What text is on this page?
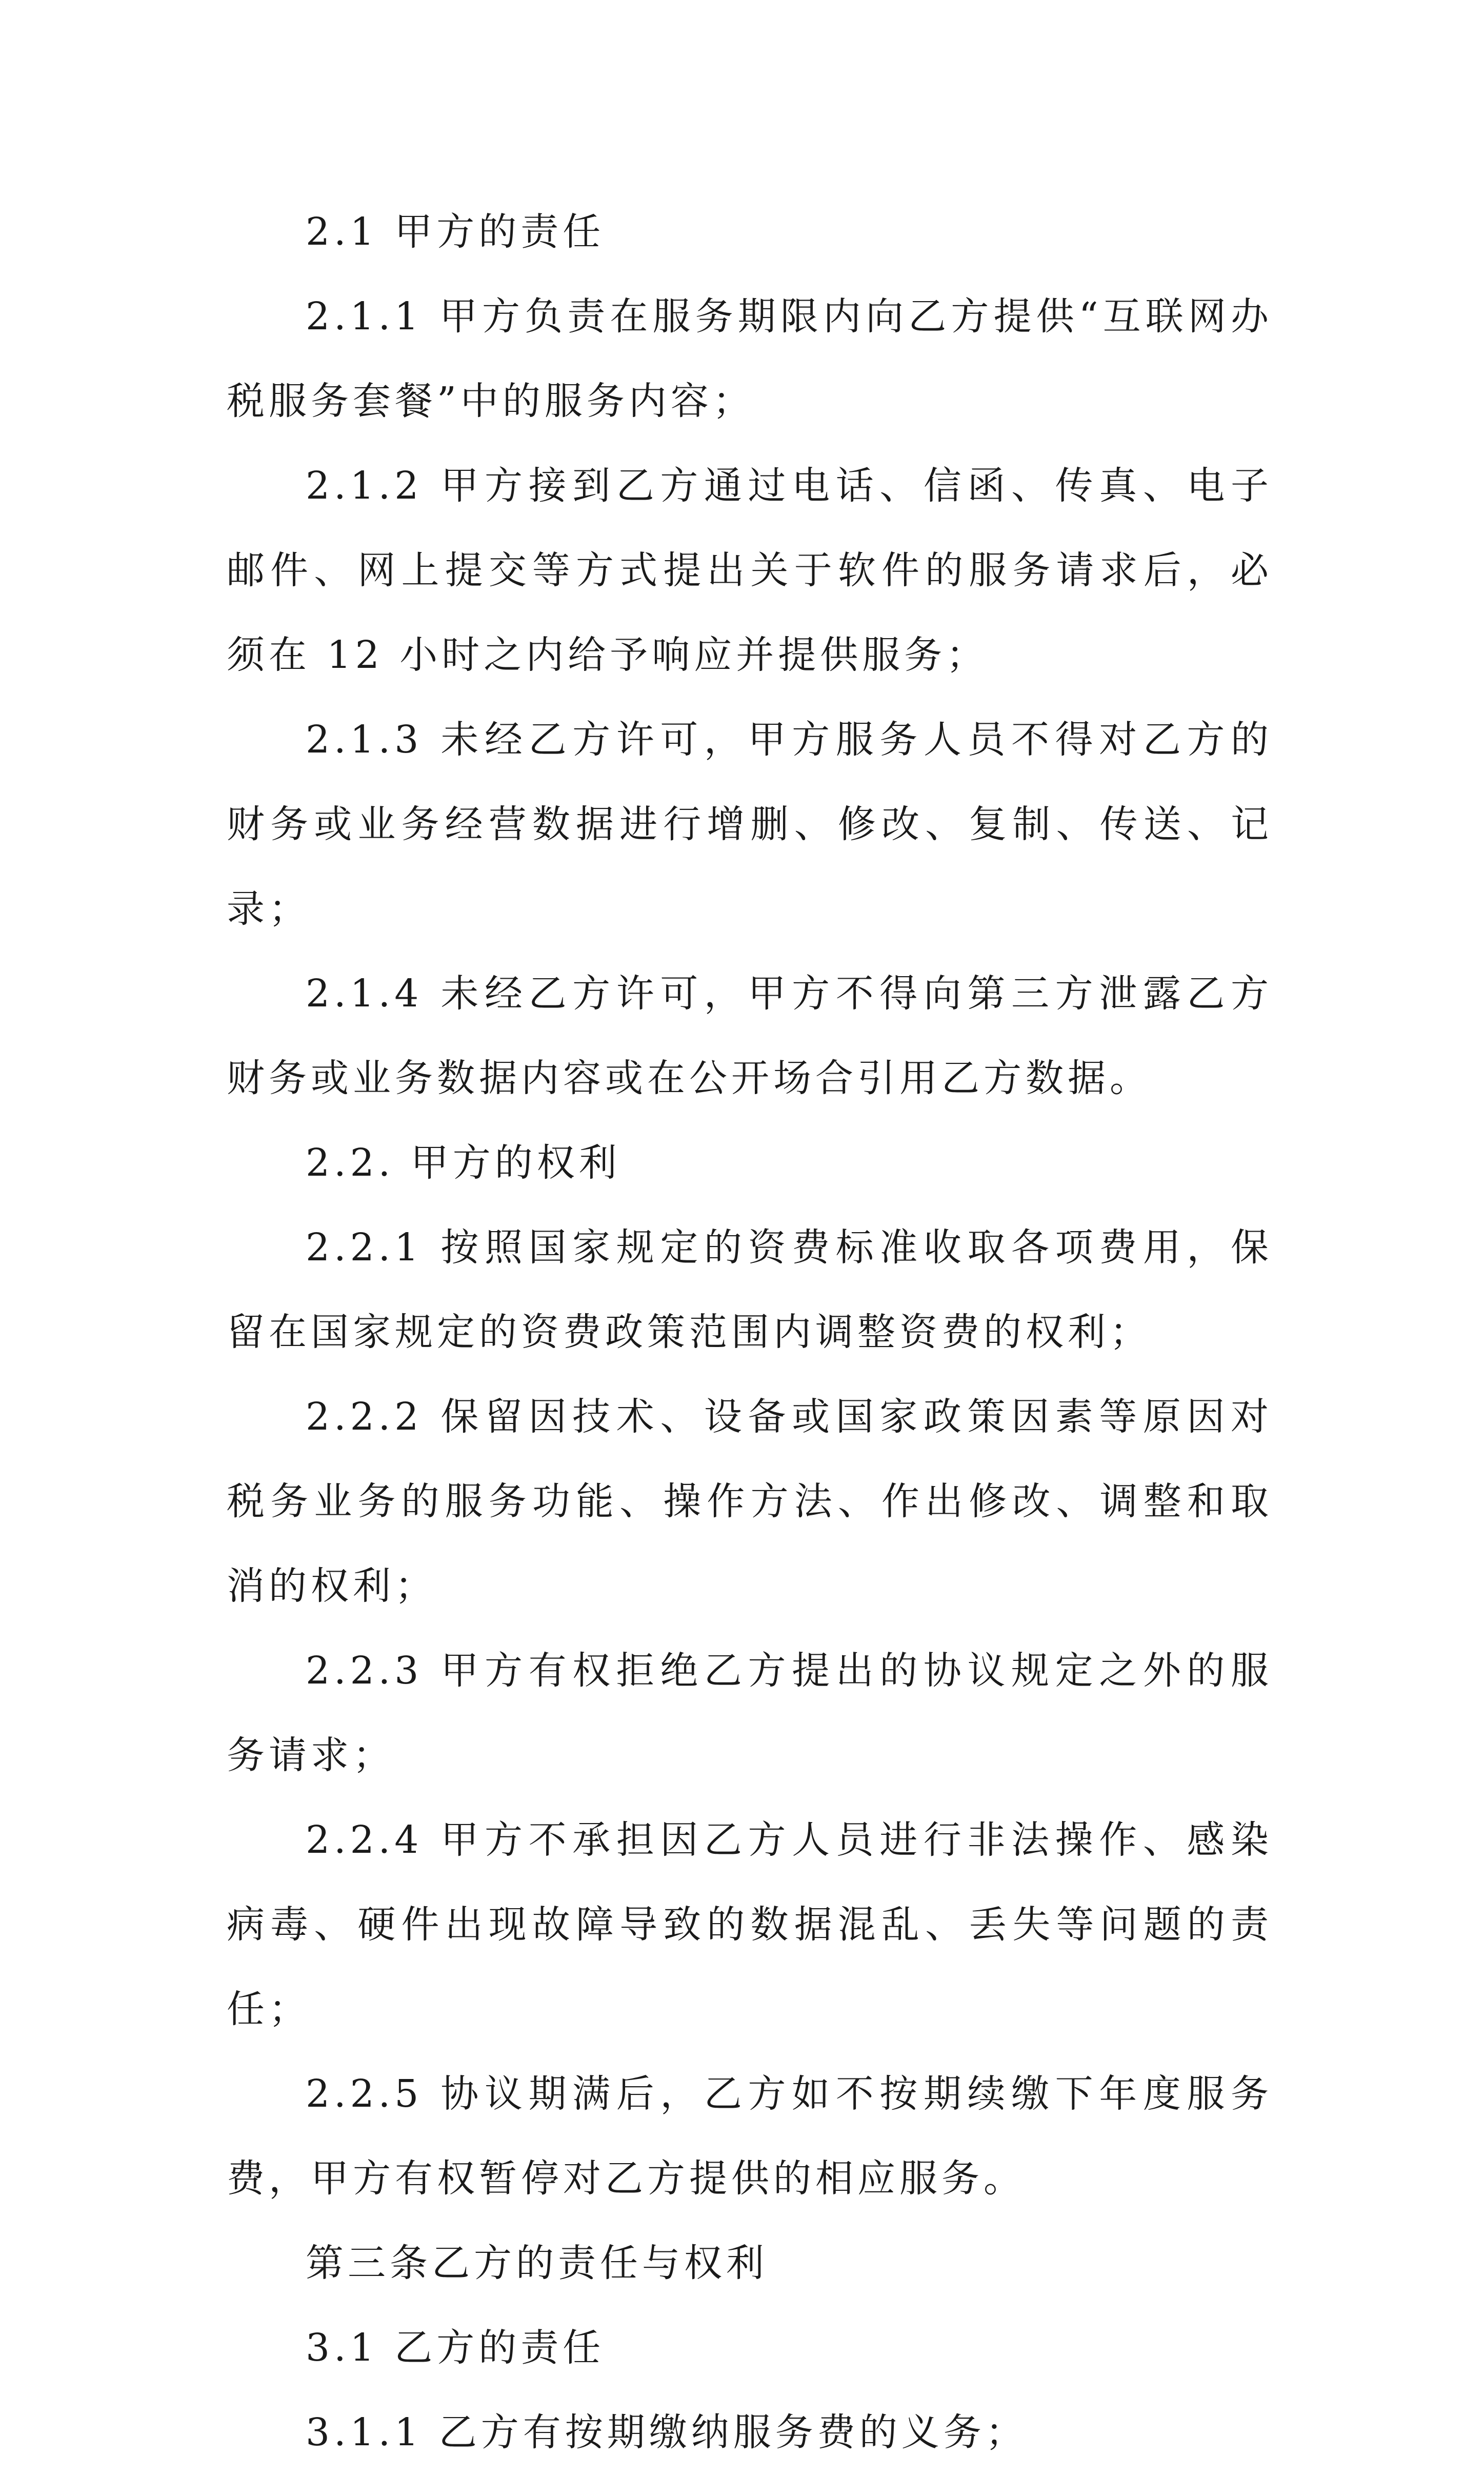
2.1 甲方的责任

2.1.1 甲方负责在服务期限内向乙方提供“互联网办税服务套餐”中的服务内容；

2.1.2 甲方接到乙方通过电话、信函、传真、电子邮件、网上提交等方式提出关于软件的服务请求后，必须在 12 小时之内给予响应并提供服务；

2.1.3 未经乙方许可，甲方服务人员不得对乙方的财务或业务经营数据进行增删、修改、复制、传送、记录；

2.1.4 未经乙方许可，甲方不得向第三方泄露乙方财务或业务数据内容或在公开场合引用乙方数据。

2.2. 甲方的权利

2.2.1 按照国家规定的资费标准收取各项费用，保留在国家规定的资费政策范围内调整资费的权利；

2.2.2 保留因技术、设备或国家政策因素等原因对税务业务的服务功能、操作方法、作出修改、调整和取消的权利；

2.2.3 甲方有权拒绝乙方提出的协议规定之外的服务请求；

2.2.4 甲方不承担因乙方人员进行非法操作、感染病毒、硬件出现故障导致的数据混乱、丢失等问题的责任；

2.2.5 协议期满后，乙方如不按期续缴下年度服务费，甲方有权暂停对乙方提供的相应服务。

第三条乙方的责任与权利

3.1 乙方的责任

3.1.1 乙方有按期缴纳服务费的义务；
